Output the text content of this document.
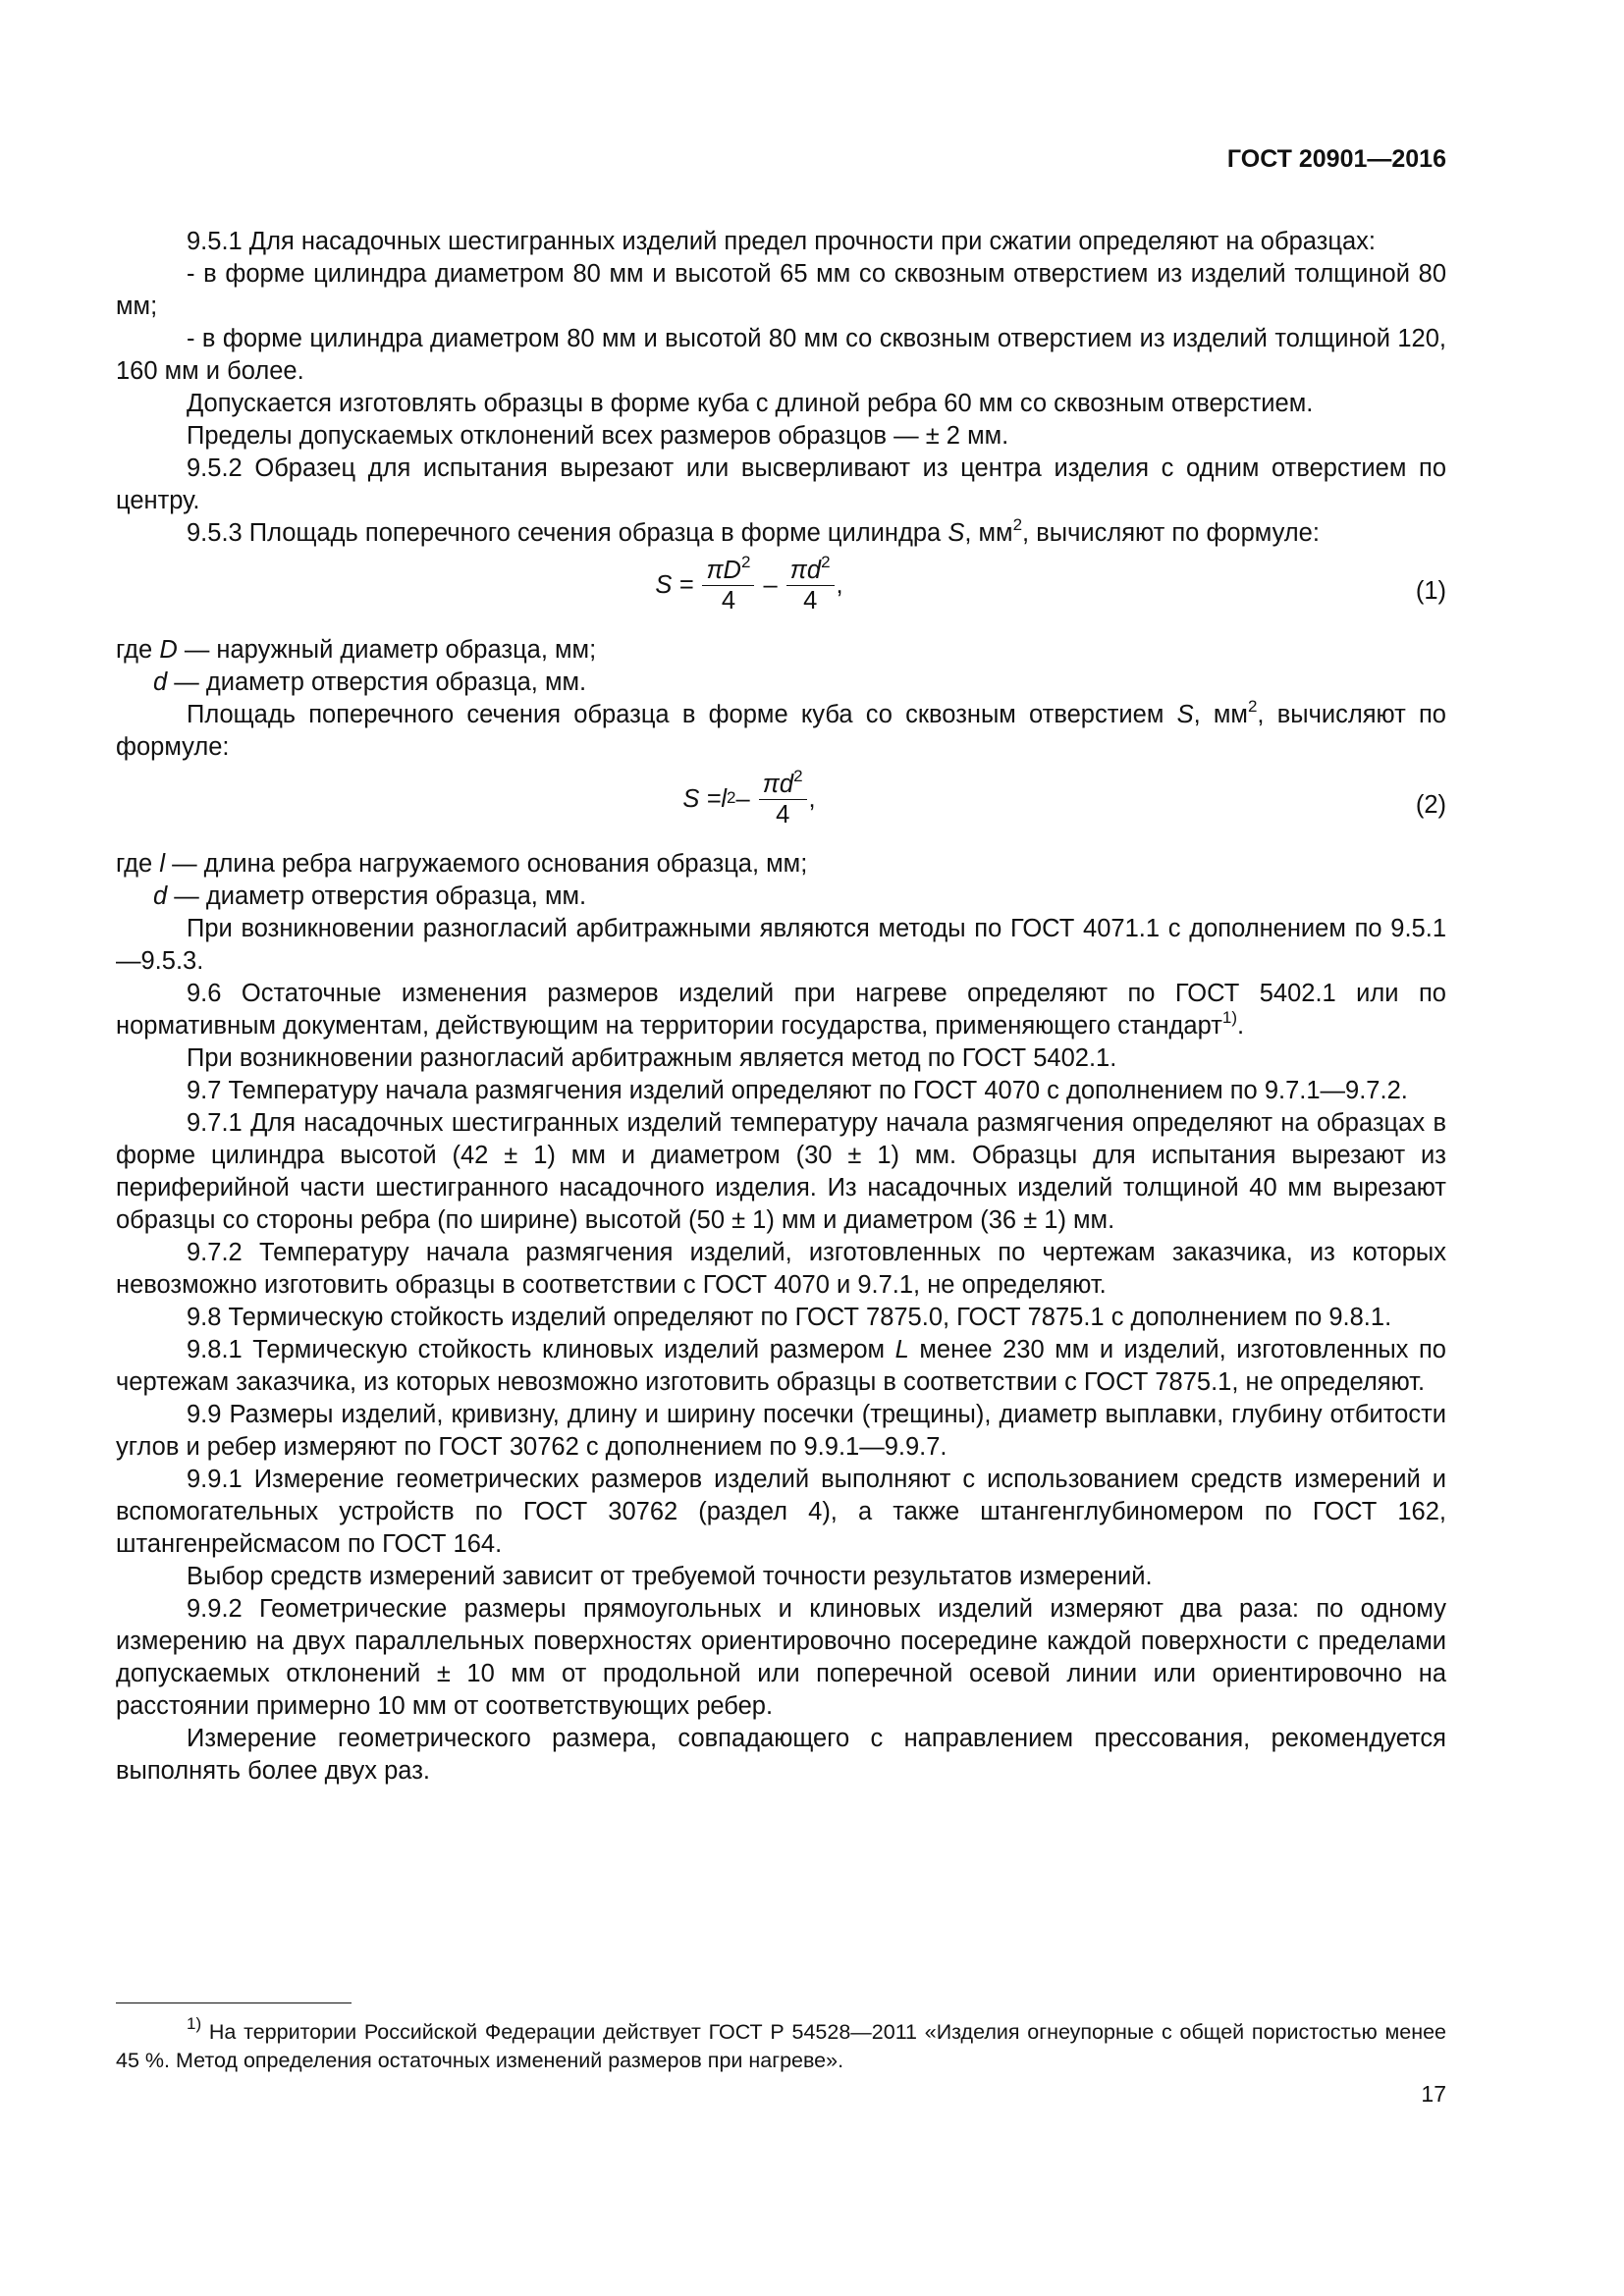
ГОСТ 20901—2016

9.5.1 Для насадочных шестигранных изделий предел прочности при сжатии определяют на образцах:

- в форме цилиндра диаметром 80 мм и высотой 65 мм со сквозным отверстием из изделий толщиной 80 мм;

- в форме цилиндра диаметром 80 мм и высотой 80 мм со сквозным отверстием из изделий толщиной 120, 160 мм и более.

Допускается изготовлять образцы в форме куба с длиной ребра 60 мм со сквозным отверстием.

Пределы допускаемых отклонений всех размеров образцов — ± 2 мм.

9.5.2 Образец для испытания вырезают или высверливают из центра изделия с одним отверстием по центру.

9.5.3 Площадь поперечного сечения образца в форме цилиндра S, $мм^2$, вычисляют по формуле:

$S = \frac{\pi D^2}{4} - \frac{\pi d^2}{4}$ ,	(1)

где D — наружный диаметр образца, мм;

d — диаметр отверстия образца, мм.

Площадь поперечного сечения образца в форме куба со сквозным отверстием S, $мм^2$, вычисляют по формуле:

$S =l^2- \frac{\pi d^2}{4}$ ,	(2)

где l — длина ребра нагружаемого основания образца, мм;

d — диаметр отверстия образца, мм.

При возникновении разногласий арбитражными являются методы по ГОСТ 4071.1 с дополнением по 9.5.1—9.5.3.

9.6 Остаточные изменения размеров изделий при нагреве определяют по ГОСТ 5402.1 или по нормативным документам, действующим на территории государства, применяющего стандарт$^{1)}$.

При возникновении разногласий арбитражным является метод по ГОСТ 5402.1.

9.7 Температуру начала размягчения изделий определяют по ГОСТ 4070 с дополнением по 9.7.1—9.7.2.

9.7.1 Для насадочных шестигранных изделий температуру начала размягчения определяют на образцах в форме цилиндра высотой (42 ± 1) мм и диаметром (30 ± 1) мм. Образцы для испытания вырезают из периферийной части шестигранного насадочного изделия. Из насадочных изделий толщиной 40 мм вырезают образцы со стороны ребра (по ширине) высотой (50 ± 1) мм и диаметром (36 ± 1) мм.

9.7.2 Температуру начала размягчения изделий, изготовленных по чертежам заказчика, из которых невозможно изготовить образцы в соответствии с ГОСТ 4070 и 9.7.1, не определяют.

9.8 Термическую стойкость изделий определяют по ГОСТ 7875.0, ГОСТ 7875.1 с дополнением по 9.8.1.

9.8.1 Термическую стойкость клиновых изделий размером L менее 230 мм и изделий, изготовленных по чертежам заказчика, из которых невозможно изготовить образцы в соответствии с ГОСТ 7875.1, не определяют.

9.9 Размеры изделий, кривизну, длину и ширину посечки (трещины), диаметр выплавки, глубину отбитости углов и ребер измеряют по ГОСТ 30762 с дополнением по 9.9.1—9.9.7.

9.9.1 Измерение геометрических размеров изделий выполняют с использованием средств измерений и вспомогательных устройств по ГОСТ 30762 (раздел 4), а также штангенглубиномером по ГОСТ 162, штангенрейсмасом по ГОСТ 164.

Выбор средств измерений зависит от требуемой точности результатов измерений.

9.9.2 Геометрические размеры прямоугольных и клиновых изделий измеряют два раза: по одному измерению на двух параллельных поверхностях ориентировочно посередине каждой поверхности с пределами допускаемых отклонений ± 10 мм от продольной или поперечной осевой линии или ориентировочно на расстоянии примерно 10 мм от соответствующих ребер.

Измерение геометрического размера, совпадающего с направлением прессования, рекомендуется выполнять более двух раз.

$^{1)}$ На территории Российской Федерации действует ГОСТ Р 54528—2011 «Изделия огнеупорные с общей пористостью менее 45 %. Метод определения остаточных изменений размеров при нагреве».
17
